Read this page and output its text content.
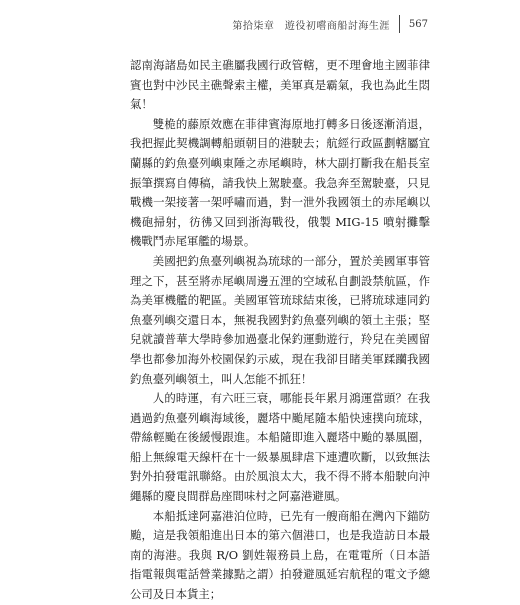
第拾柒章　遊役初嚐商船討海生涯 567

認南海諸島如民主礁屬我國行政管轄，更不理會地主國菲律賓也對中沙民主礁聲索主權，美軍真是霸氣，我也為此生悶氣！

雙桅的藤原效應在菲律賓海原地打轉多日後逐漸消退，我把握此契機調轉船頭朝目的港駛去；航經行政區劃轄屬宜蘭縣的釣魚臺列嶼東陲之赤尾嶼時，林大副打斷我在船長室振筆撰寫自傳稿，請我快上駕駛臺。我急奔至駕駛臺，只見戰機一架接著一架呼嘯而過，對一泄外我國領土的赤尾嶼以機砲掃射，彷彿又回到浙海戰役，俄製 MIG-15 噴射攤擊機戰鬥赤尾軍艦的場景。

美國把釣魚臺列嶼視為琉球的一部分，置於美國軍事管理之下，甚至將赤尾嶼周邊五浬的空域私自劃設禁航區，作為美軍機艦的靶區。美國軍管琉球結束後，已將琉球連同釣魚臺列嶼交還日本，無視我國對釣魚臺列嶼的領土主張；堅兒就讀普華大學時參加過臺北保釣運動遊行，羚兒在美國留學也都參加海外校園保釣示威，現在我卻目睹美軍蹂躪我國釣魚臺列嶼領土，叫人怎能不抓狂！

人的時運，有六旺三衰，哪能長年累月鴻運當頭？在我過過釣魚臺列嶼海域後，麗塔中颱尾隨本船快速撲向琉球，帶絲輕颱在後緩慢跟進。本船隨即進入麗塔中颱的暴風圈，船上無線電天線杆在十一級暴風肆虐下連遭吹斷，以致無法對外拍發電訊聯絡。由於風浪太大，我不得不將本船駛向沖繩縣的慶良間群島座間味村之阿嘉港避風。

本船抵達阿嘉港泊位時，已先有一艘商船在灣內下錨防颱，這是我領船進出日本的第六個港口，也是我造訪日本最南的海港。我與 R/O 劉姓報務員上島，在電電所（日本語指電報與電話營業據點之謂）拍發避風延宕航程的電文予總公司及日本貨主；
